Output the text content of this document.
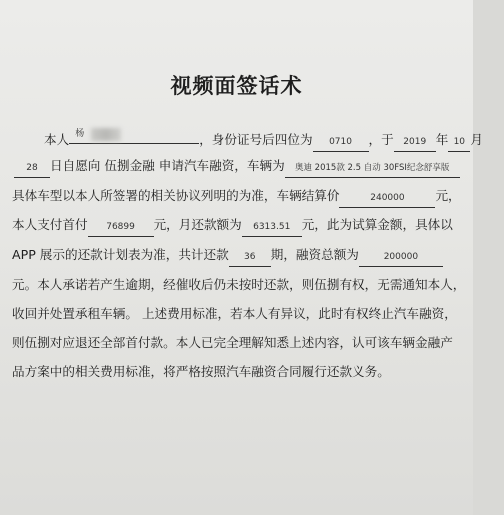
视频面签话术
本人 杨	，身份证号后四位为 0710 ，于 2019 年 10 月
28 日自愿向 伍捌金融 申请汽车融资，车辆为 奥迪 2015款 2.5 自动 30FSI纪念舒享版
具体车型以本人所签署的相关协议列明的为准，车辆结算价	240000 元，
本人支付首付 76899 元，月还款额为 6313.51 元，此为试算金额，具体以
APP 展示的还款计划表为准，共计还款 36 期，融资总额为	200000
元。本人承诺若产生逾期，经催收后仍未按时还款，则伍捌有权，无需通知本人，
收回并处置承租车辆。 上述费用标准，若本人有异议，此时有权终止汽车融资，
则伍捌对应退还全部首付款。本人已完全理解知悉上述内容，认可该车辆金融产
品方案中的相关费用标准，将严格按照汽车融资合同履行还款义务。
